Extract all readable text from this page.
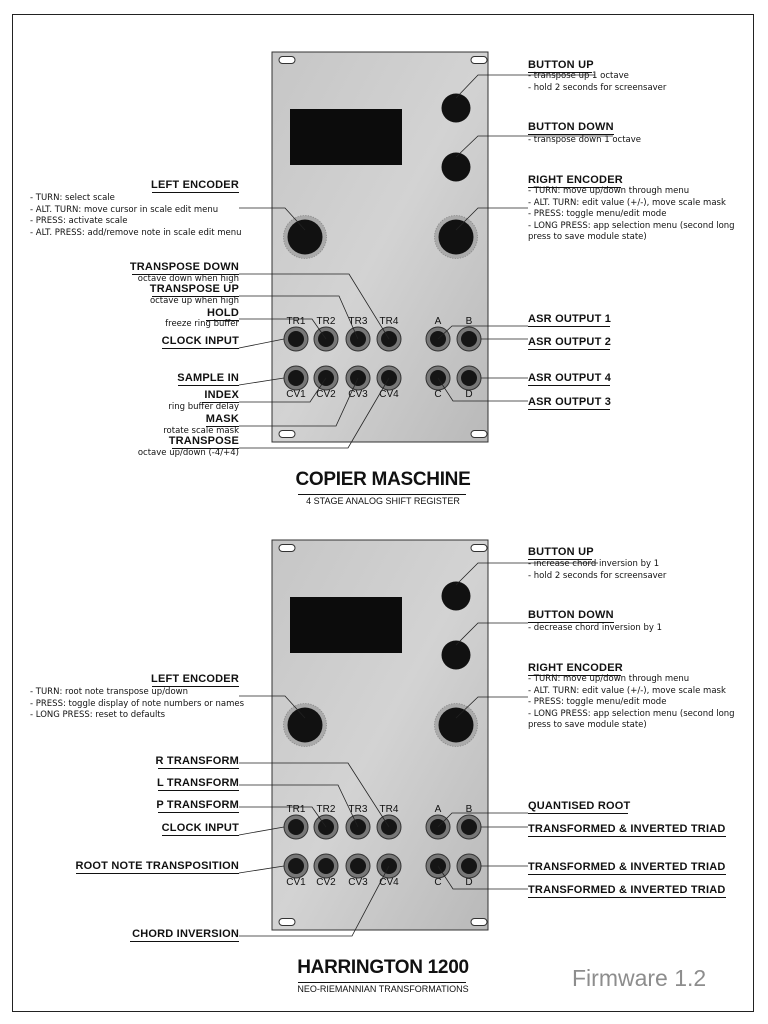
TR1	TR2	TR3	TR4	A	B
CV1	CV2	CV3	CV4	C	D
COPIER MASCHINE
4 STAGE ANALOG SHIFT REGISTER
TR1	TR2	TR3	TR4	A	B
CV1	CV2	CV3	CV4	C	D
HARRINGTON 1200
NEO-RIEMANNIAN TRANSFORMATIONS
BUTTON UP
- transpose up 1 octave
- hold 2 seconds for screensaver
BUTTON DOWN
- transpose down 1 octave
RIGHT ENCODER
- TURN: move up/down through menu
- ALT. TURN: edit value (+/-), move scale mask
- PRESS: toggle menu/edit mode
- LONG PRESS: app selection menu (second long
press to save module state)
ASR OUTPUT 1
ASR OUTPUT 2
ASR OUTPUT 4
ASR OUTPUT 3
LEFT ENCODER
- TURN: select scale
- ALT. TURN: move cursor in scale edit menu
- PRESS: activate scale
- ALT. PRESS: add/remove note in scale edit menu
TRANSPOSE DOWN
octave down when high
TRANSPOSE UP
octave up when high
HOLD
freeze ring buffer
CLOCK INPUT
SAMPLE IN
INDEX
ring buffer delay
MASK
rotate scale mask
TRANSPOSE
octave up/down (-4/+4)
BUTTON UP
- increase chord inversion by 1
- hold 2 seconds for screensaver
BUTTON DOWN
- decrease chord inversion by 1
RIGHT ENCODER
- TURN: move up/down through menu
- ALT. TURN: edit value (+/-), move scale mask
- PRESS: toggle menu/edit mode
- LONG PRESS: app selection menu (second long
press to save module state)
QUANTISED ROOT
TRANSFORMED & INVERTED TRIAD
TRANSFORMED & INVERTED TRIAD
TRANSFORMED & INVERTED TRIAD
LEFT ENCODER
- TURN: root note transpose up/down
- PRESS: toggle display of note numbers or names
- LONG PRESS: reset to defaults
R TRANSFORM
L TRANSFORM
P TRANSFORM
CLOCK INPUT
ROOT NOTE TRANSPOSITION
CHORD INVERSION
Firmware 1.2
